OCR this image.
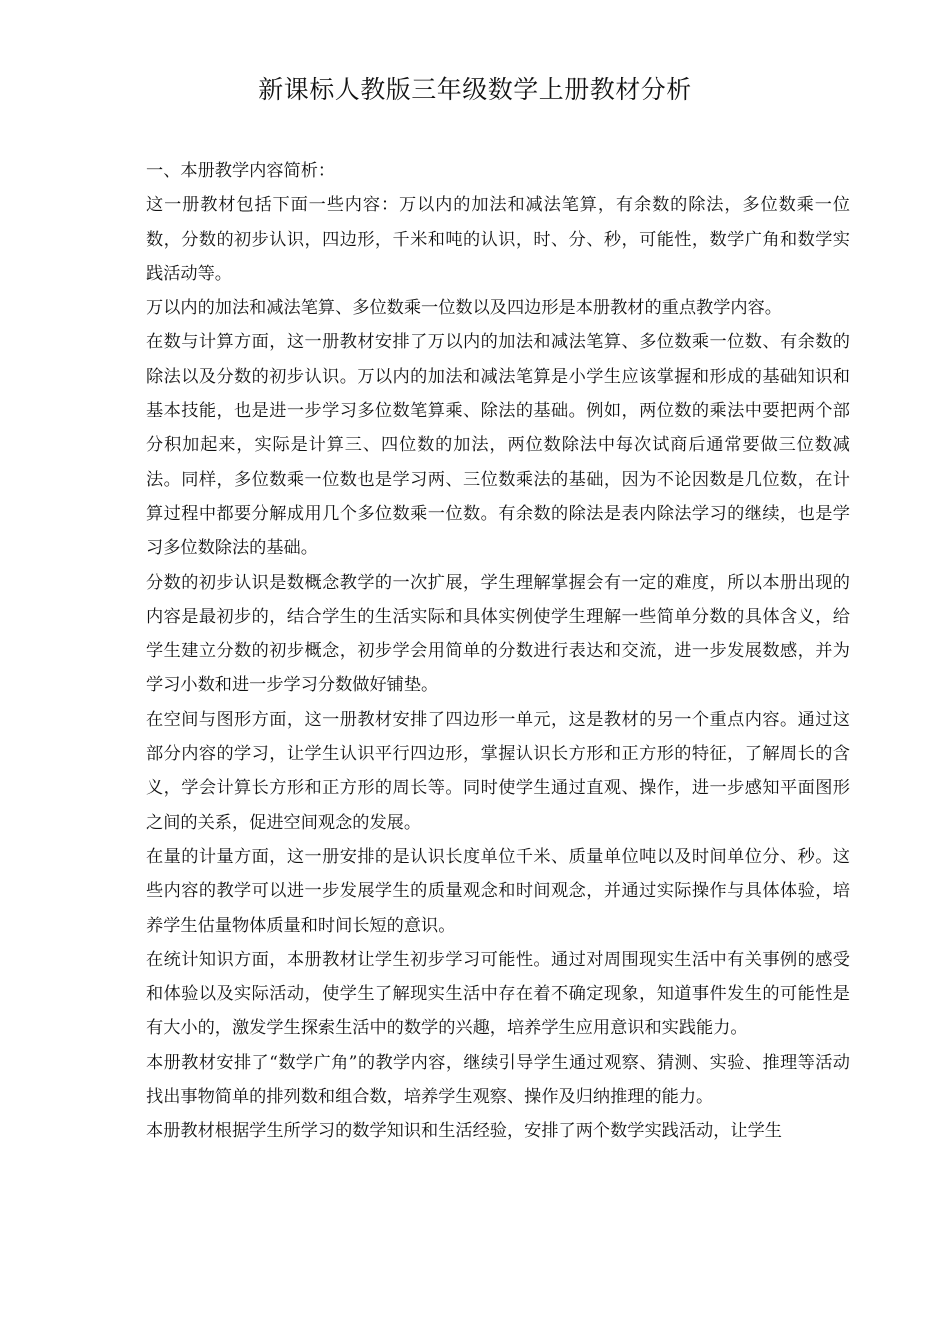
新课标人教版三年级数学上册教材分析

一、本册教学内容简析：

这一册教材包括下面一些内容：万以内的加法和减法笔算，有余数的除法，多位数乘一位数，分数的初步认识，四边形，千米和吨的认识，时、分、秒，可能性，数学广角和数学实践活动等。

万以内的加法和减法笔算、多位数乘一位数以及四边形是本册教材的重点教学内容。

在数与计算方面，这一册教材安排了万以内的加法和减法笔算、多位数乘一位数、有余数的除法以及分数的初步认识。万以内的加法和减法笔算是小学生应该掌握和形成的基础知识和基本技能，也是进一步学习多位数笔算乘、除法的基础。例如，两位数的乘法中要把两个部分积加起来，实际是计算三、四位数的加法，两位数除法中每次试商后通常要做三位数减法。同样，多位数乘一位数也是学习两、三位数乘法的基础，因为不论因数是几位数，在计算过程中都要分解成用几个多位数乘一位数。有余数的除法是表内除法学习的继续，也是学习多位数除法的基础。

分数的初步认识是数概念教学的一次扩展，学生理解掌握会有一定的难度，所以本册出现的内容是最初步的，结合学生的生活实际和具体实例使学生理解一些简单分数的具体含义，给学生建立分数的初步概念，初步学会用简单的分数进行表达和交流，进一步发展数感，并为学习小数和进一步学习分数做好铺垫。

在空间与图形方面，这一册教材安排了四边形一单元，这是教材的另一个重点内容。通过这部分内容的学习，让学生认识平行四边形，掌握认识长方形和正方形的特征，了解周长的含义，学会计算长方形和正方形的周长等。同时使学生通过直观、操作，进一步感知平面图形之间的关系，促进空间观念的发展。

在量的计量方面，这一册安排的是认识长度单位千米、质量单位吨以及时间单位分、秒。这些内容的教学可以进一步发展学生的质量观念和时间观念，并通过实际操作与具体体验，培养学生估量物体质量和时间长短的意识。

在统计知识方面，本册教材让学生初步学习可能性。通过对周围现实生活中有关事例的感受和体验以及实际活动，使学生了解现实生活中存在着不确定现象，知道事件发生的可能性是有大小的，激发学生探索生活中的数学的兴趣，培养学生应用意识和实践能力。

本册教材安排了“数学广角”的教学内容，继续引导学生通过观察、猜测、实验、推理等活动找出事物简单的排列数和组合数，培养学生观察、操作及归纳推理的能力。

本册教材根据学生所学习的数学知识和生活经验，安排了两个数学实践活动，让学生
